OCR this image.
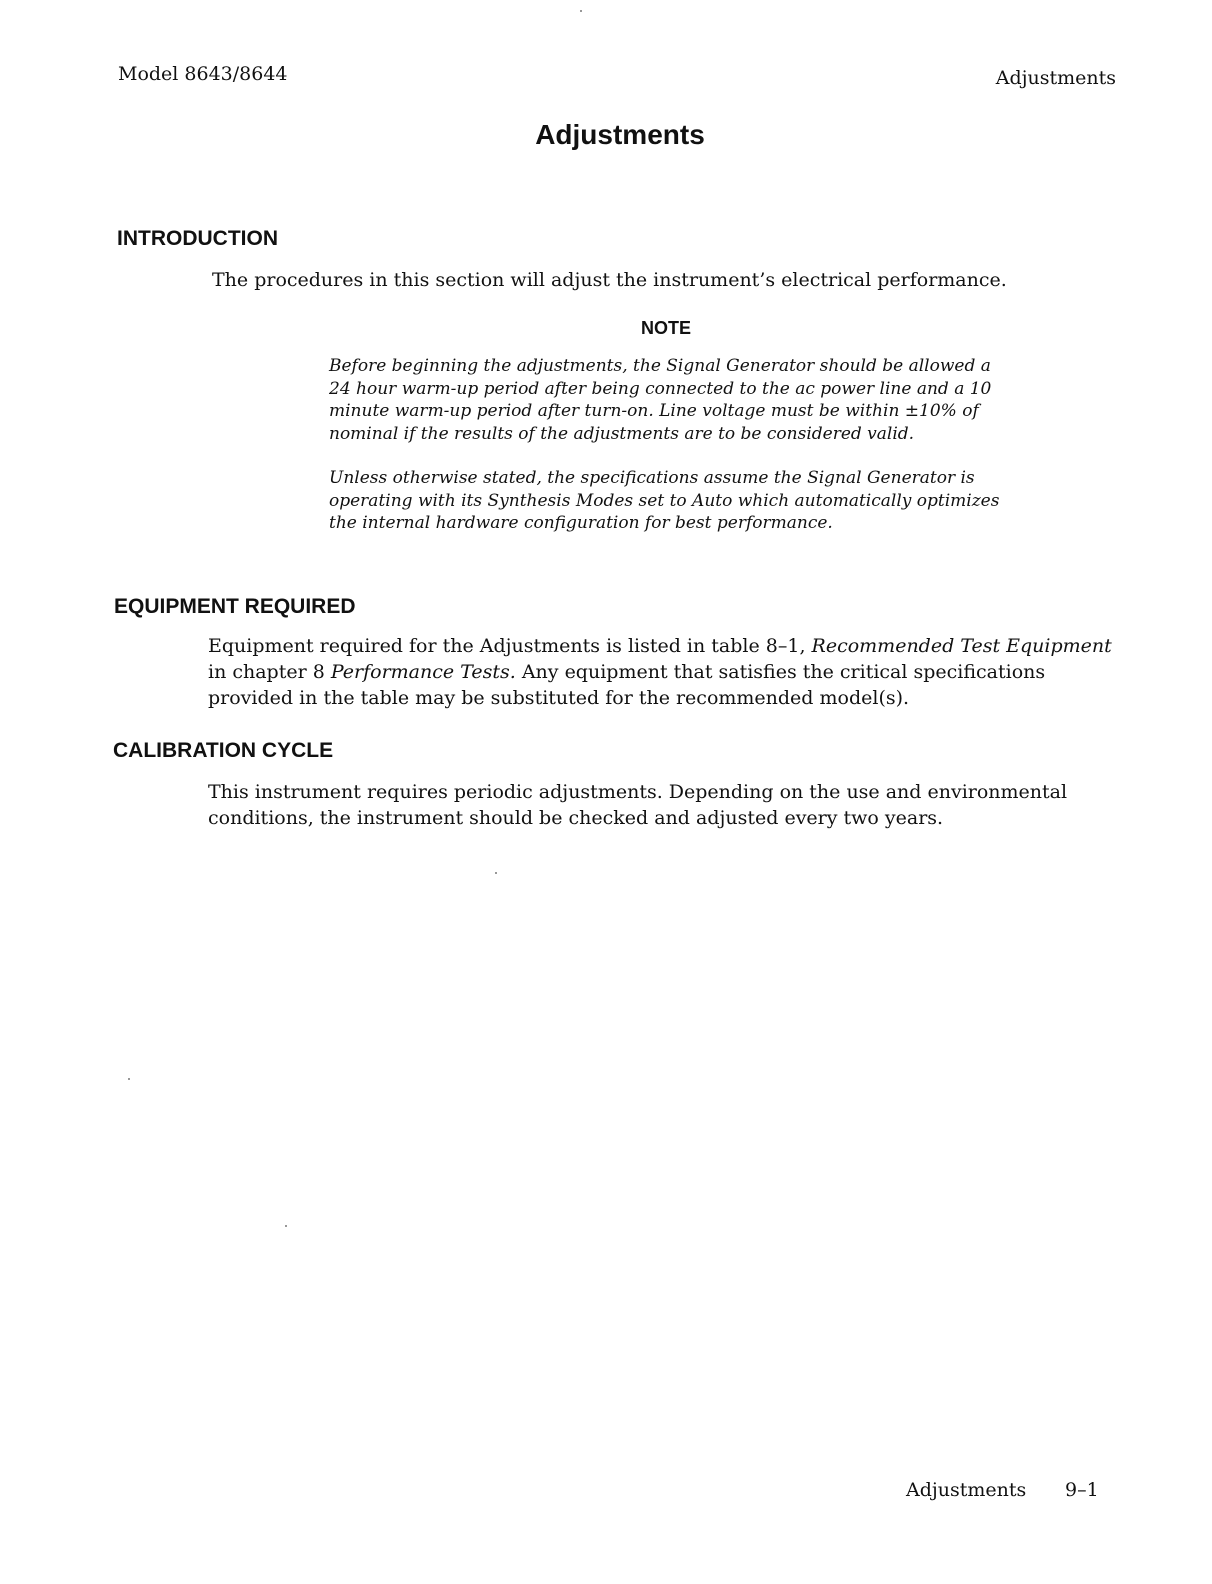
Model 8643/8644	Adjustments
Adjustments
INTRODUCTION

The procedures in this section will adjust the instrument’s electrical performance.

NOTE

Before beginning the adjustments, the Signal Generator should be allowed a 24 hour warm-up period after being connected to the ac power line and a 10 minute warm-up period after turn-on. Line voltage must be within ±10% of nominal if the results of the adjustments are to be considered valid.

Unless otherwise stated, the specifications assume the Signal Generator is operating with its Synthesis Modes set to Auto which automatically optimizes the internal hardware configuration for best performance.

EQUIPMENT REQUIRED

Equipment required for the Adjustments is listed in table 8–1, Recommended Test Equipment in chapter 8 Performance Tests. Any equipment that satisfies the critical specifications provided in the table may be substituted for the recommended model(s).

CALIBRATION CYCLE

This instrument requires periodic adjustments. Depending on the use and environmental conditions, the instrument should be checked and adjusted every two years.

Adjustments 9–1
